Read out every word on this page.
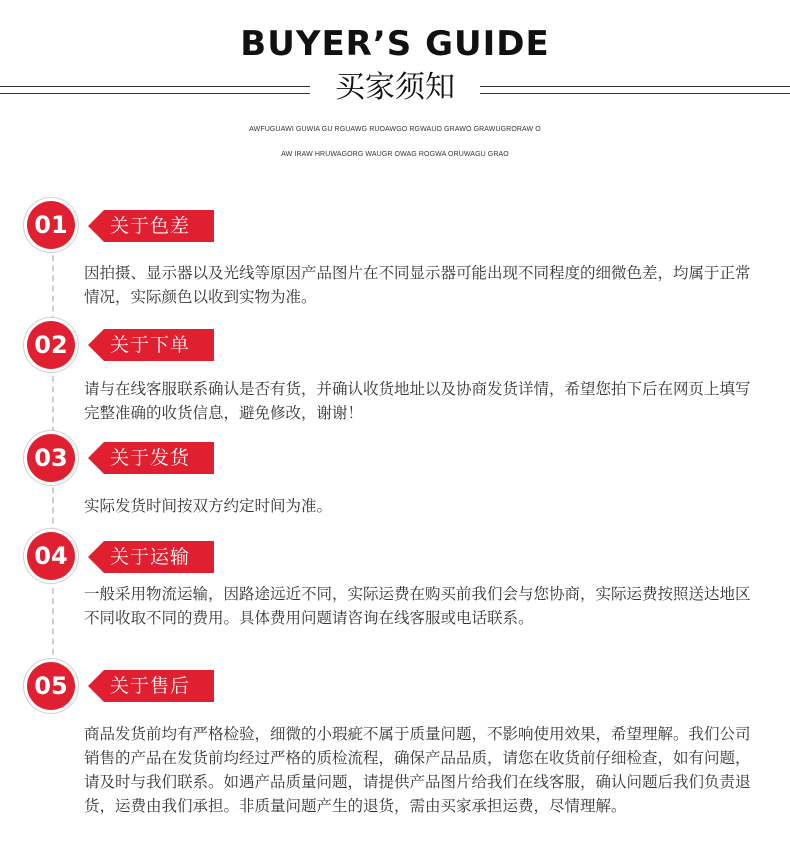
BUYER’S GUIDE
买家须知
AWFUGUAWI GUWIA GU RGUAWG RUOAWGO RGWAUO GRAWO GRAWUGRORAW O
AW IRAW HRUWAGORG WAUGR OWAG ROGWA ORUWAGU GRAO
01	关于色差
因拍摄、显示器以及光线等原因产品图片在不同显示器可能出现不同程度的细微色差，均属于正常情况，实际颜色以收到实物为准。
02	关于下单
请与在线客服联系确认是否有货，并确认收货地址以及协商发货详情，希望您拍下后在网页上填写完整准确的收货信息，避免修改，谢谢！
03	关于发货
实际发货时间按双方约定时间为准。
04	关于运输
一般采用物流运输，因路途远近不同，实际运费在购买前我们会与您协商，实际运费按照送达地区不同收取不同的费用。具体费用问题请咨询在线客服或电话联系。
05	关于售后
商品发货前均有严格检验，细微的小瑕疵不属于质量问题，不影响使用效果，希望理解。我们公司销售的产品在发货前均经过严格的质检流程，确保产品品质，请您在收货前仔细检查，如有问题，请及时与我们联系。如遇产品质量问题，请提供产品图片给我们在线客服，确认问题后我们负责退货，运费由我们承担。非质量问题产生的退货，需由买家承担运费，尽情理解。
